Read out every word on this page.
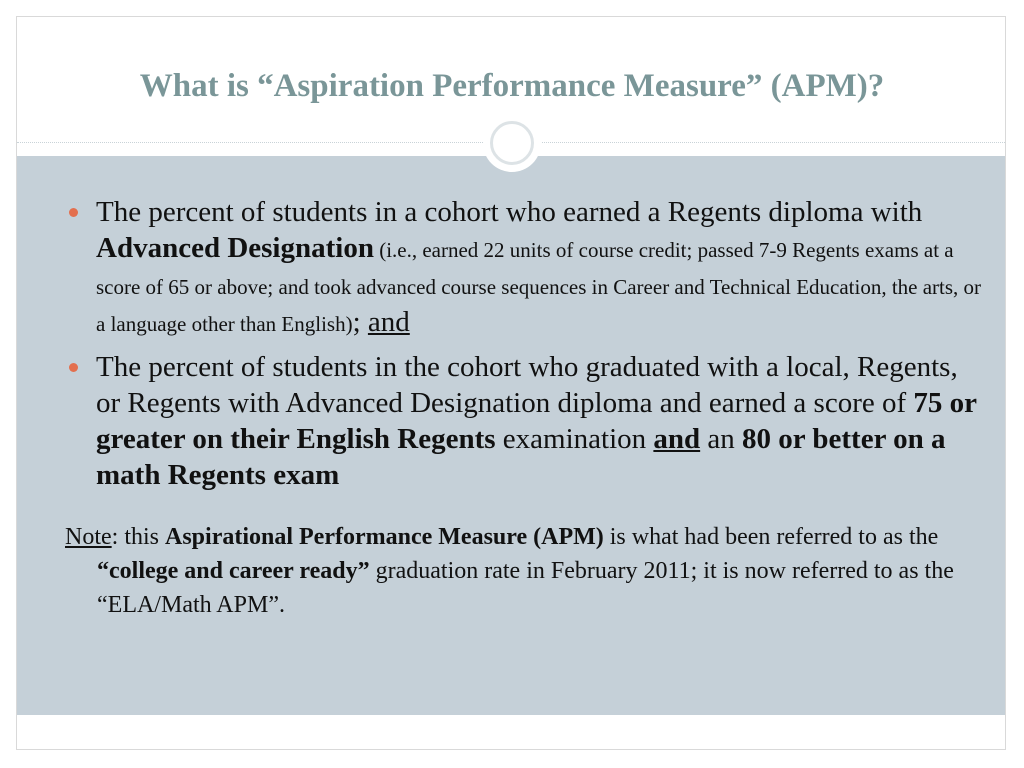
What is “Aspiration Performance Measure” (APM)?
The percent of students in a cohort who earned a Regents diploma with Advanced Designation (i.e., earned 22 units of course credit; passed 7-9 Regents exams at a score of 65 or above; and took advanced course sequences in Career and Technical Education, the arts, or a language other than English); and
The percent of students in the cohort who graduated with a local, Regents, or Regents with Advanced Designation diploma and earned a score of 75 or greater on their English Regents examination and an 80 or better on a math Regents exam

Note: this Aspirational Performance Measure (APM) is what had been referred to as the “college and career ready” graduation rate in February 2011; it is now referred to as the “ELA/Math APM”.
